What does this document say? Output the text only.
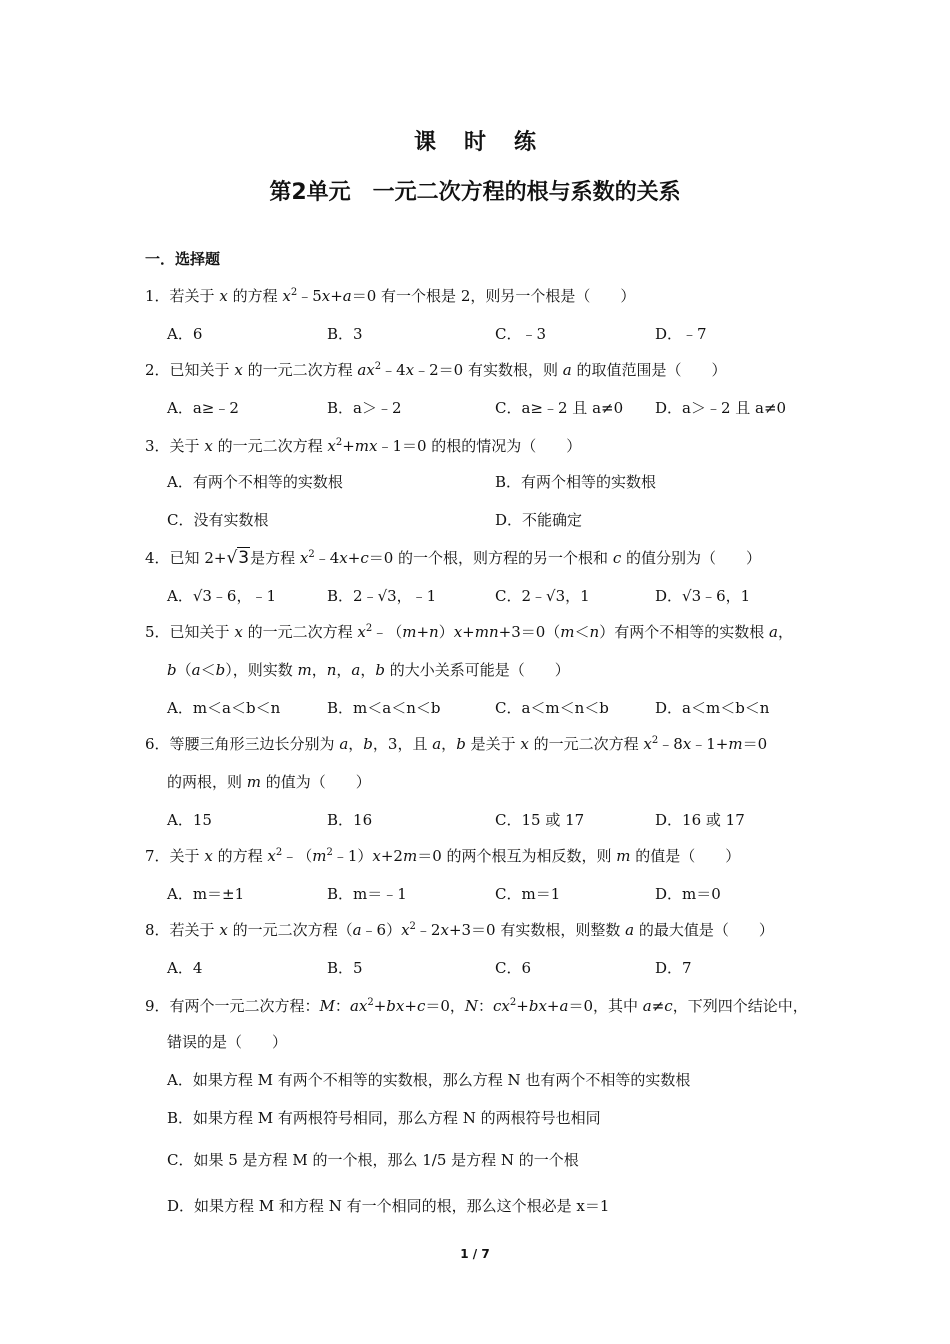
课 时 练
第2单元　一元二次方程的根与系数的关系
一．选择题
1．若关于 x 的方程 $x^2﹣5x+a=0$ 有一个根是 2，则另一个根是（　　）
A．6	B．3	C．﹣3	D．﹣7
2．已知关于 x 的一元二次方程 $ax^2﹣4x﹣2=0$ 有实数根，则 a 的取值范围是（　　）
A．a≥﹣2	B．a＞﹣2	C．a≥﹣2 且 a≠0 D．a＞﹣2 且 a≠0
3．关于 x 的一元二次方程 $x^2+mx﹣1=0$ 的根的情况为（　　）
A．有两个不相等的实数根	B．有两个相等的实数根
C．没有实数根	D．不能确定
4．已知 2+√3是方程 $x^2﹣4x+c=0$ 的一个根，则方程的另一个根和 c 的值分别为（　　）
A．√3﹣6，﹣1	B．2﹣√3，﹣1	C．2﹣√3，1	D．√3﹣6，1
5．已知关于 x 的一元二次方程 $x^2﹣(m+n)x+mn+3=0(m<n)$有两个不相等的实数根 a，
b（a＜b），则实数 m，n，a，b 的大小关系可能是（　　）
A．m＜a＜b＜n	B．m＜a＜n＜b	C．a＜m＜n＜b	D．a＜m＜b＜n
6．等腰三角形三边长分别为 a，b，3，且 a，b 是关于 x 的一元二次方程 $x^2﹣8x﹣1+m=0$
的两根，则 m 的值为（　　）
A．15	B．16	C．15 或 17	D．16 或 17
7．关于 x 的方程 $x^2﹣(m^2﹣1)x+2m=0$ 的两个根互为相反数，则 m 的值是（　　）
A．m＝±1	B．m＝﹣1	C．m＝1	D．m＝0
8．若关于 x 的一元二次方程$(a﹣6)x^2﹣2x+3=0$ 有实数根，则整数 a 的最大值是（　　）
A．4	B．5	C．6	D．7
9．有两个一元二次方程：M：$ax^2+bx+c=0$，N：$cx^2+bx+a=0$，其中 a≠c，下列四个结论中，
错误的是（　　）
A．如果方程 M 有两个不相等的实数根，那么方程 N 也有两个不相等的实数根
B．如果方程 M 有两根符号相同，那么方程 N 的两根符号也相同
C．如果 5 是方程 M 的一个根，那么 1/5 是方程 N 的一个根
D．如果方程 M 和方程 N 有一个相同的根，那么这个根必是 x＝1
1 / 7
